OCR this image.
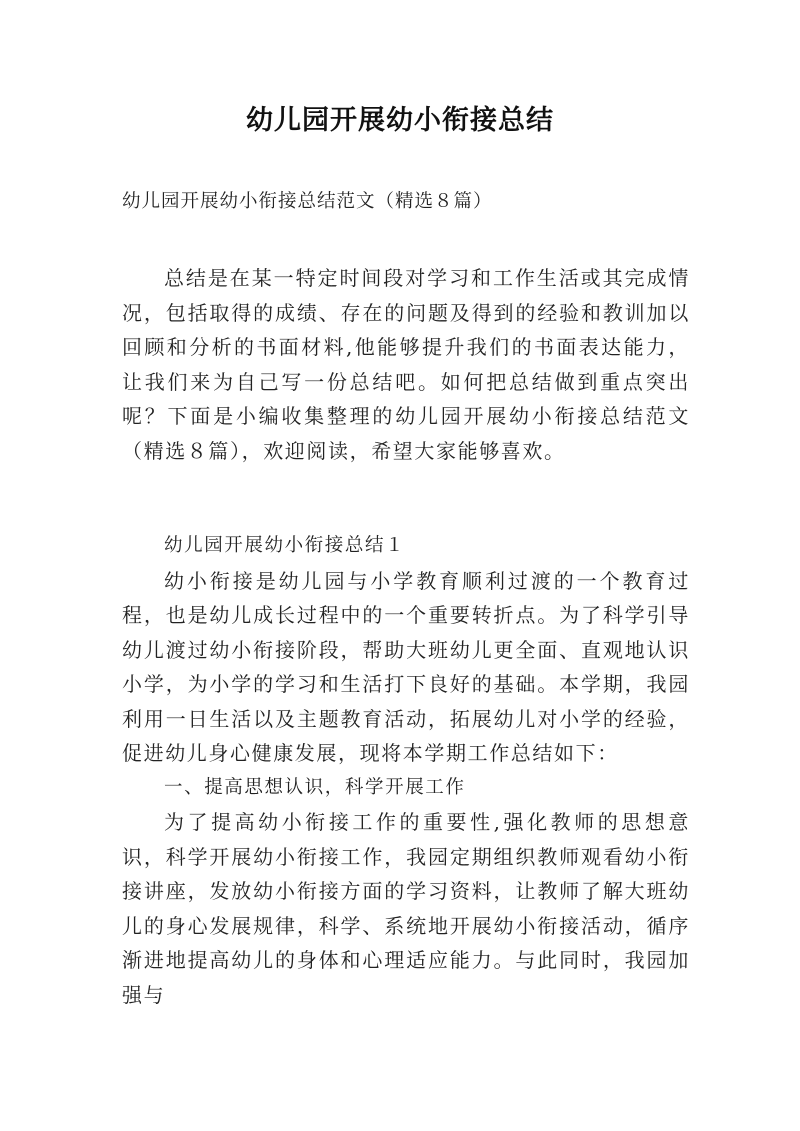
幼儿园开展幼小衔接总结
幼儿园开展幼小衔接总结范文（精选８篇）

总结是在某一特定时间段对学习和工作生活或其完成情况，包括取得的成绩、存在的问题及得到的经验和教训加以回顾和分析的书面材料,他能够提升我们的书面表达能力，让我们来为自己写一份总结吧。如何把总结做到重点突出呢？下面是小编收集整理的幼儿园开展幼小衔接总结范文（精选８篇），欢迎阅读，希望大家能够喜欢。

幼儿园开展幼小衔接总结１

幼小衔接是幼儿园与小学教育顺利过渡的一个教育过程，也是幼儿成长过程中的一个重要转折点。为了科学引导幼儿渡过幼小衔接阶段，帮助大班幼儿更全面、直观地认识小学，为小学的学习和生活打下良好的基础。本学期，我园利用一日生活以及主题教育活动，拓展幼儿对小学的经验，促进幼儿身心健康发展，现将本学期工作总结如下：

一、提高思想认识，科学开展工作

为了提高幼小衔接工作的重要性,强化教师的思想意识，科学开展幼小衔接工作，我园定期组织教师观看幼小衔接讲座，发放幼小衔接方面的学习资料，让教师了解大班幼儿的身心发展规律，科学、系统地开展幼小衔接活动，循序渐进地提高幼儿的身体和心理适应能力。与此同时，我园加强与
